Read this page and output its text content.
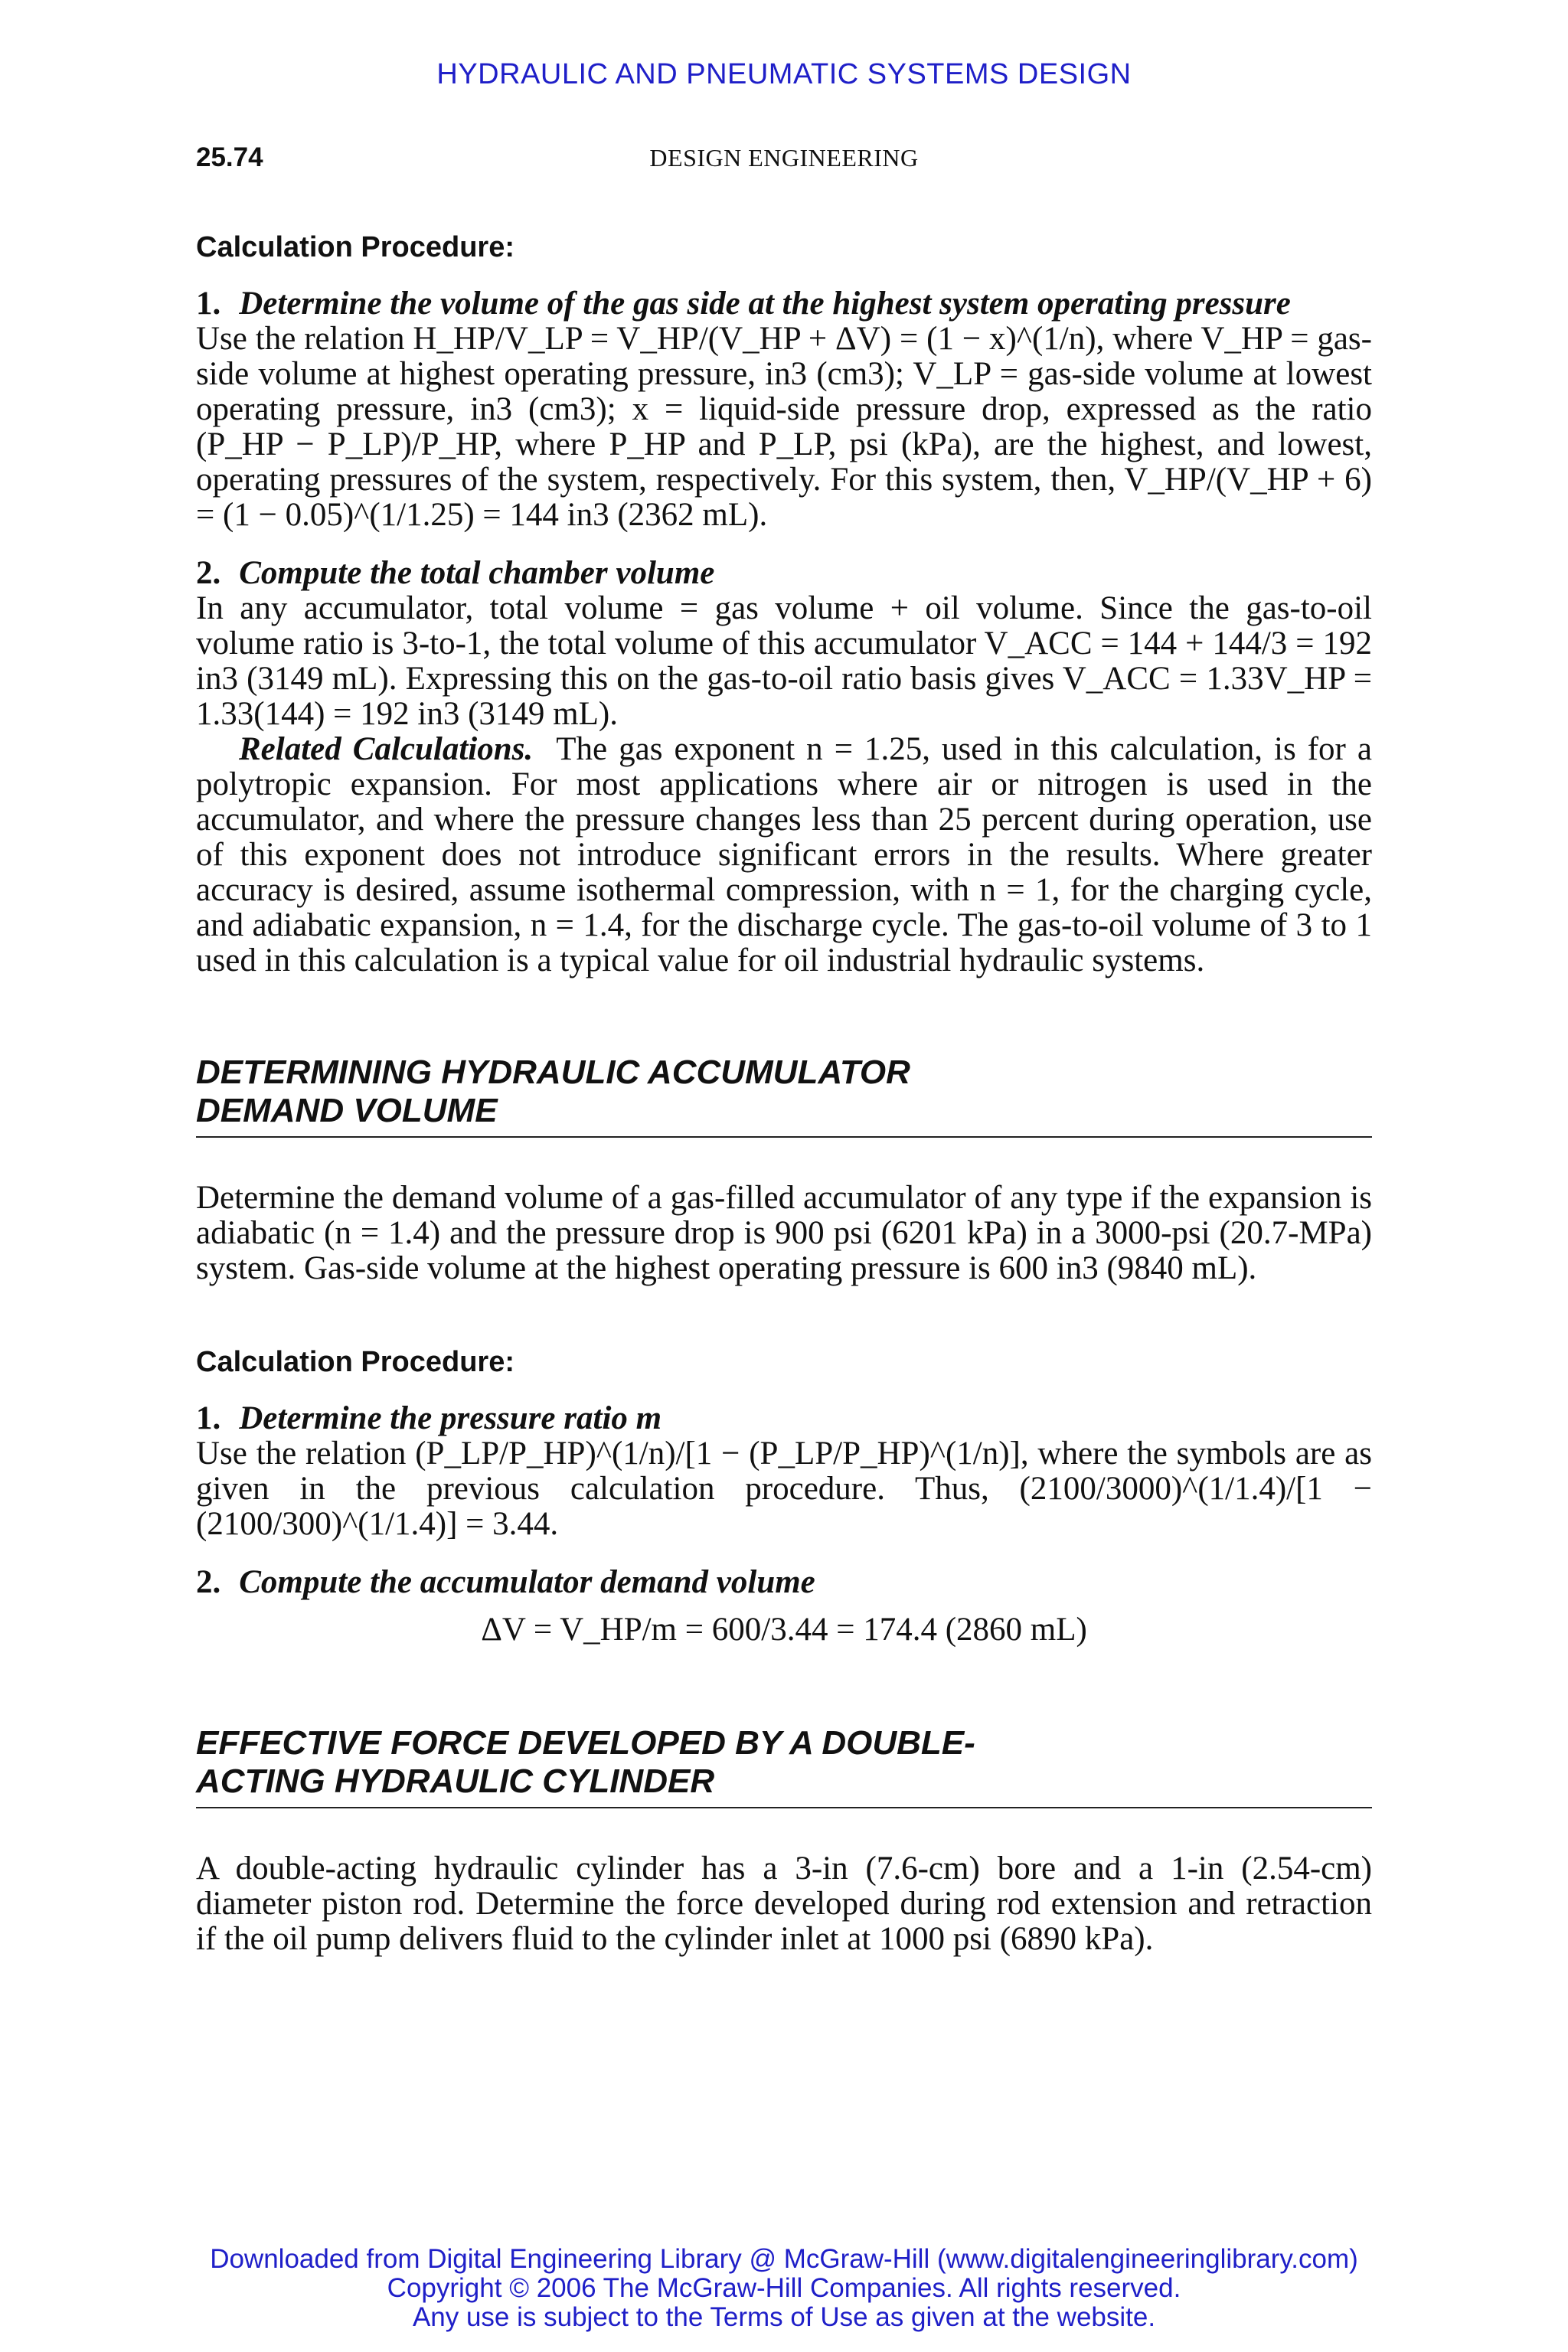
HYDRAULIC AND PNEUMATIC SYSTEMS DESIGN
25.74	DESIGN ENGINEERING
Calculation Procedure:
1. Determine the volume of the gas side at the highest system operating pressure

Use the relation H_HP/V_LP = V_HP/(V_HP + ΔV) = (1 − x)^(1/n), where V_HP = gas-side volume at highest operating pressure, in3 (cm3); V_LP = gas-side volume at lowest operating pressure, in3 (cm3); x = liquid-side pressure drop, expressed as the ratio (P_HP − P_LP)/P_HP, where P_HP and P_LP, psi (kPa), are the highest, and lowest, operating pressures of the system, respectively. For this system, then, V_HP/(V_HP + 6) = (1 − 0.05)^(1/1.25) = 144 in3 (2362 mL).

2. Compute the total chamber volume

In any accumulator, total volume = gas volume + oil volume. Since the gas-to-oil volume ratio is 3-to-1, the total volume of this accumulator V_ACC = 144 + 144/3 = 192 in3 (3149 mL). Expressing this on the gas-to-oil ratio basis gives V_ACC = 1.33V_HP = 1.33(144) = 192 in3 (3149 mL).

Related Calculations. The gas exponent n = 1.25, used in this calculation, is for a polytropic expansion. For most applications where air or nitrogen is used in the accumulator, and where the pressure changes less than 25 percent during operation, use of this exponent does not introduce significant errors in the results. Where greater accuracy is desired, assume isothermal compression, with n = 1, for the charging cycle, and adiabatic expansion, n = 1.4, for the discharge cycle. The gas-to-oil volume of 3 to 1 used in this calculation is a typical value for oil industrial hydraulic systems.

DETERMINING HYDRAULIC ACCUMULATOR
DEMAND VOLUME

Determine the demand volume of a gas-filled accumulator of any type if the expansion is adiabatic (n = 1.4) and the pressure drop is 900 psi (6201 kPa) in a 3000-psi (20.7-MPa) system. Gas-side volume at the highest operating pressure is 600 in3 (9840 mL).

Calculation Procedure:
1. Determine the pressure ratio m

Use the relation (P_LP/P_HP)^(1/n)/[1 − (P_LP/P_HP)^(1/n)], where the symbols are as given in the previous calculation procedure. Thus, (2100/3000)^(1/1.4)/[1 − (2100/300)^(1/1.4)] = 3.44.

2. Compute the accumulator demand volume

ΔV = V_HP/m = 600/3.44 = 174.4 (2860 mL)

EFFECTIVE FORCE DEVELOPED BY A DOUBLE-
ACTING HYDRAULIC CYLINDER

A double-acting hydraulic cylinder has a 3-in (7.6-cm) bore and a 1-in (2.54-cm) diameter piston rod. Determine the force developed during rod extension and retraction if the oil pump delivers fluid to the cylinder inlet at 1000 psi (6890 kPa).

Downloaded from Digital Engineering Library @ McGraw-Hill (www.digitalengineeringlibrary.com)
Copyright © 2006 The McGraw-Hill Companies. All rights reserved.
Any use is subject to the Terms of Use as given at the website.
